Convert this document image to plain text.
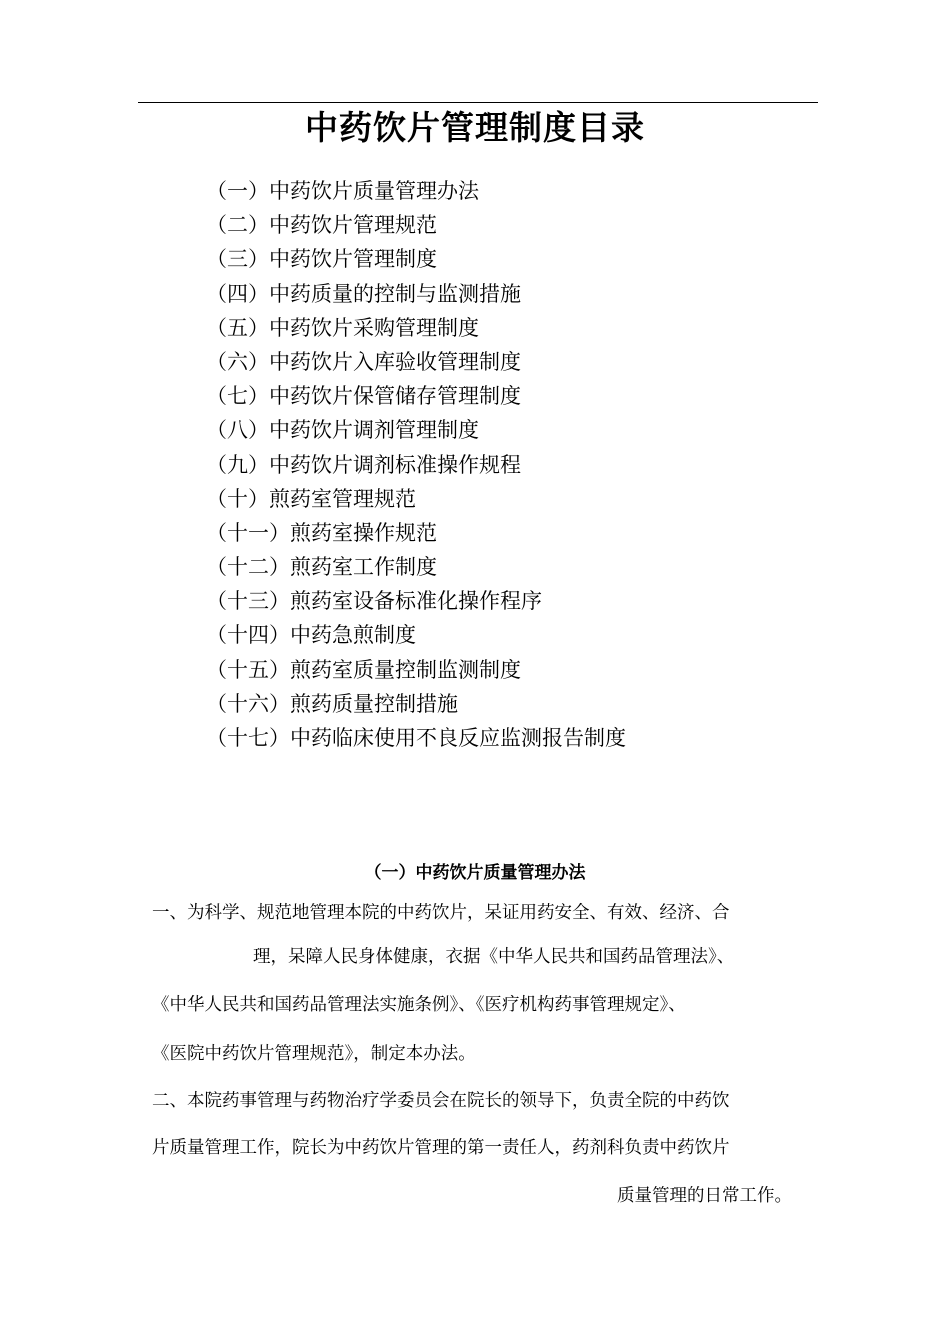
中药饮片管理制度目录
（一）中药饮片质量管理办法
（二）中药饮片管理规范
（三）中药饮片管理制度
（四）中药质量的控制与监测措施
（五）中药饮片采购管理制度
（六）中药饮片入库验收管理制度
（七）中药饮片保管储存管理制度
（八）中药饮片调剂管理制度
（九）中药饮片调剂标准操作规程
（十）煎药室管理规范
（十一）煎药室操作规范
（十二）煎药室工作制度
（十三）煎药室设备标准化操作程序
（十四）中药急煎制度
（十五）煎药室质量控制监测制度
（十六）煎药质量控制措施
（十七）中药临床使用不良反应监测报告制度
（一）中药饮片质量管理办法
一、为科学、规范地管理本院的中药饮片，呆证用药安全、有效、经济、合
理，呆障人民身体健康，衣据《中华人民共和国药品管理法》、
《中华人民共和国药品管理法实施条例》、《医疗机构药事管理规定》、
《医院中药饮片管理规范》，制定本办法。
二、本院药事管理与药物治疗学委员会在院长的领导下，负责全院的中药饮
片质量管理工作，院长为中药饮片管理的第一责任人，药剂科负责中药饮片
质量管理的日常工作。
